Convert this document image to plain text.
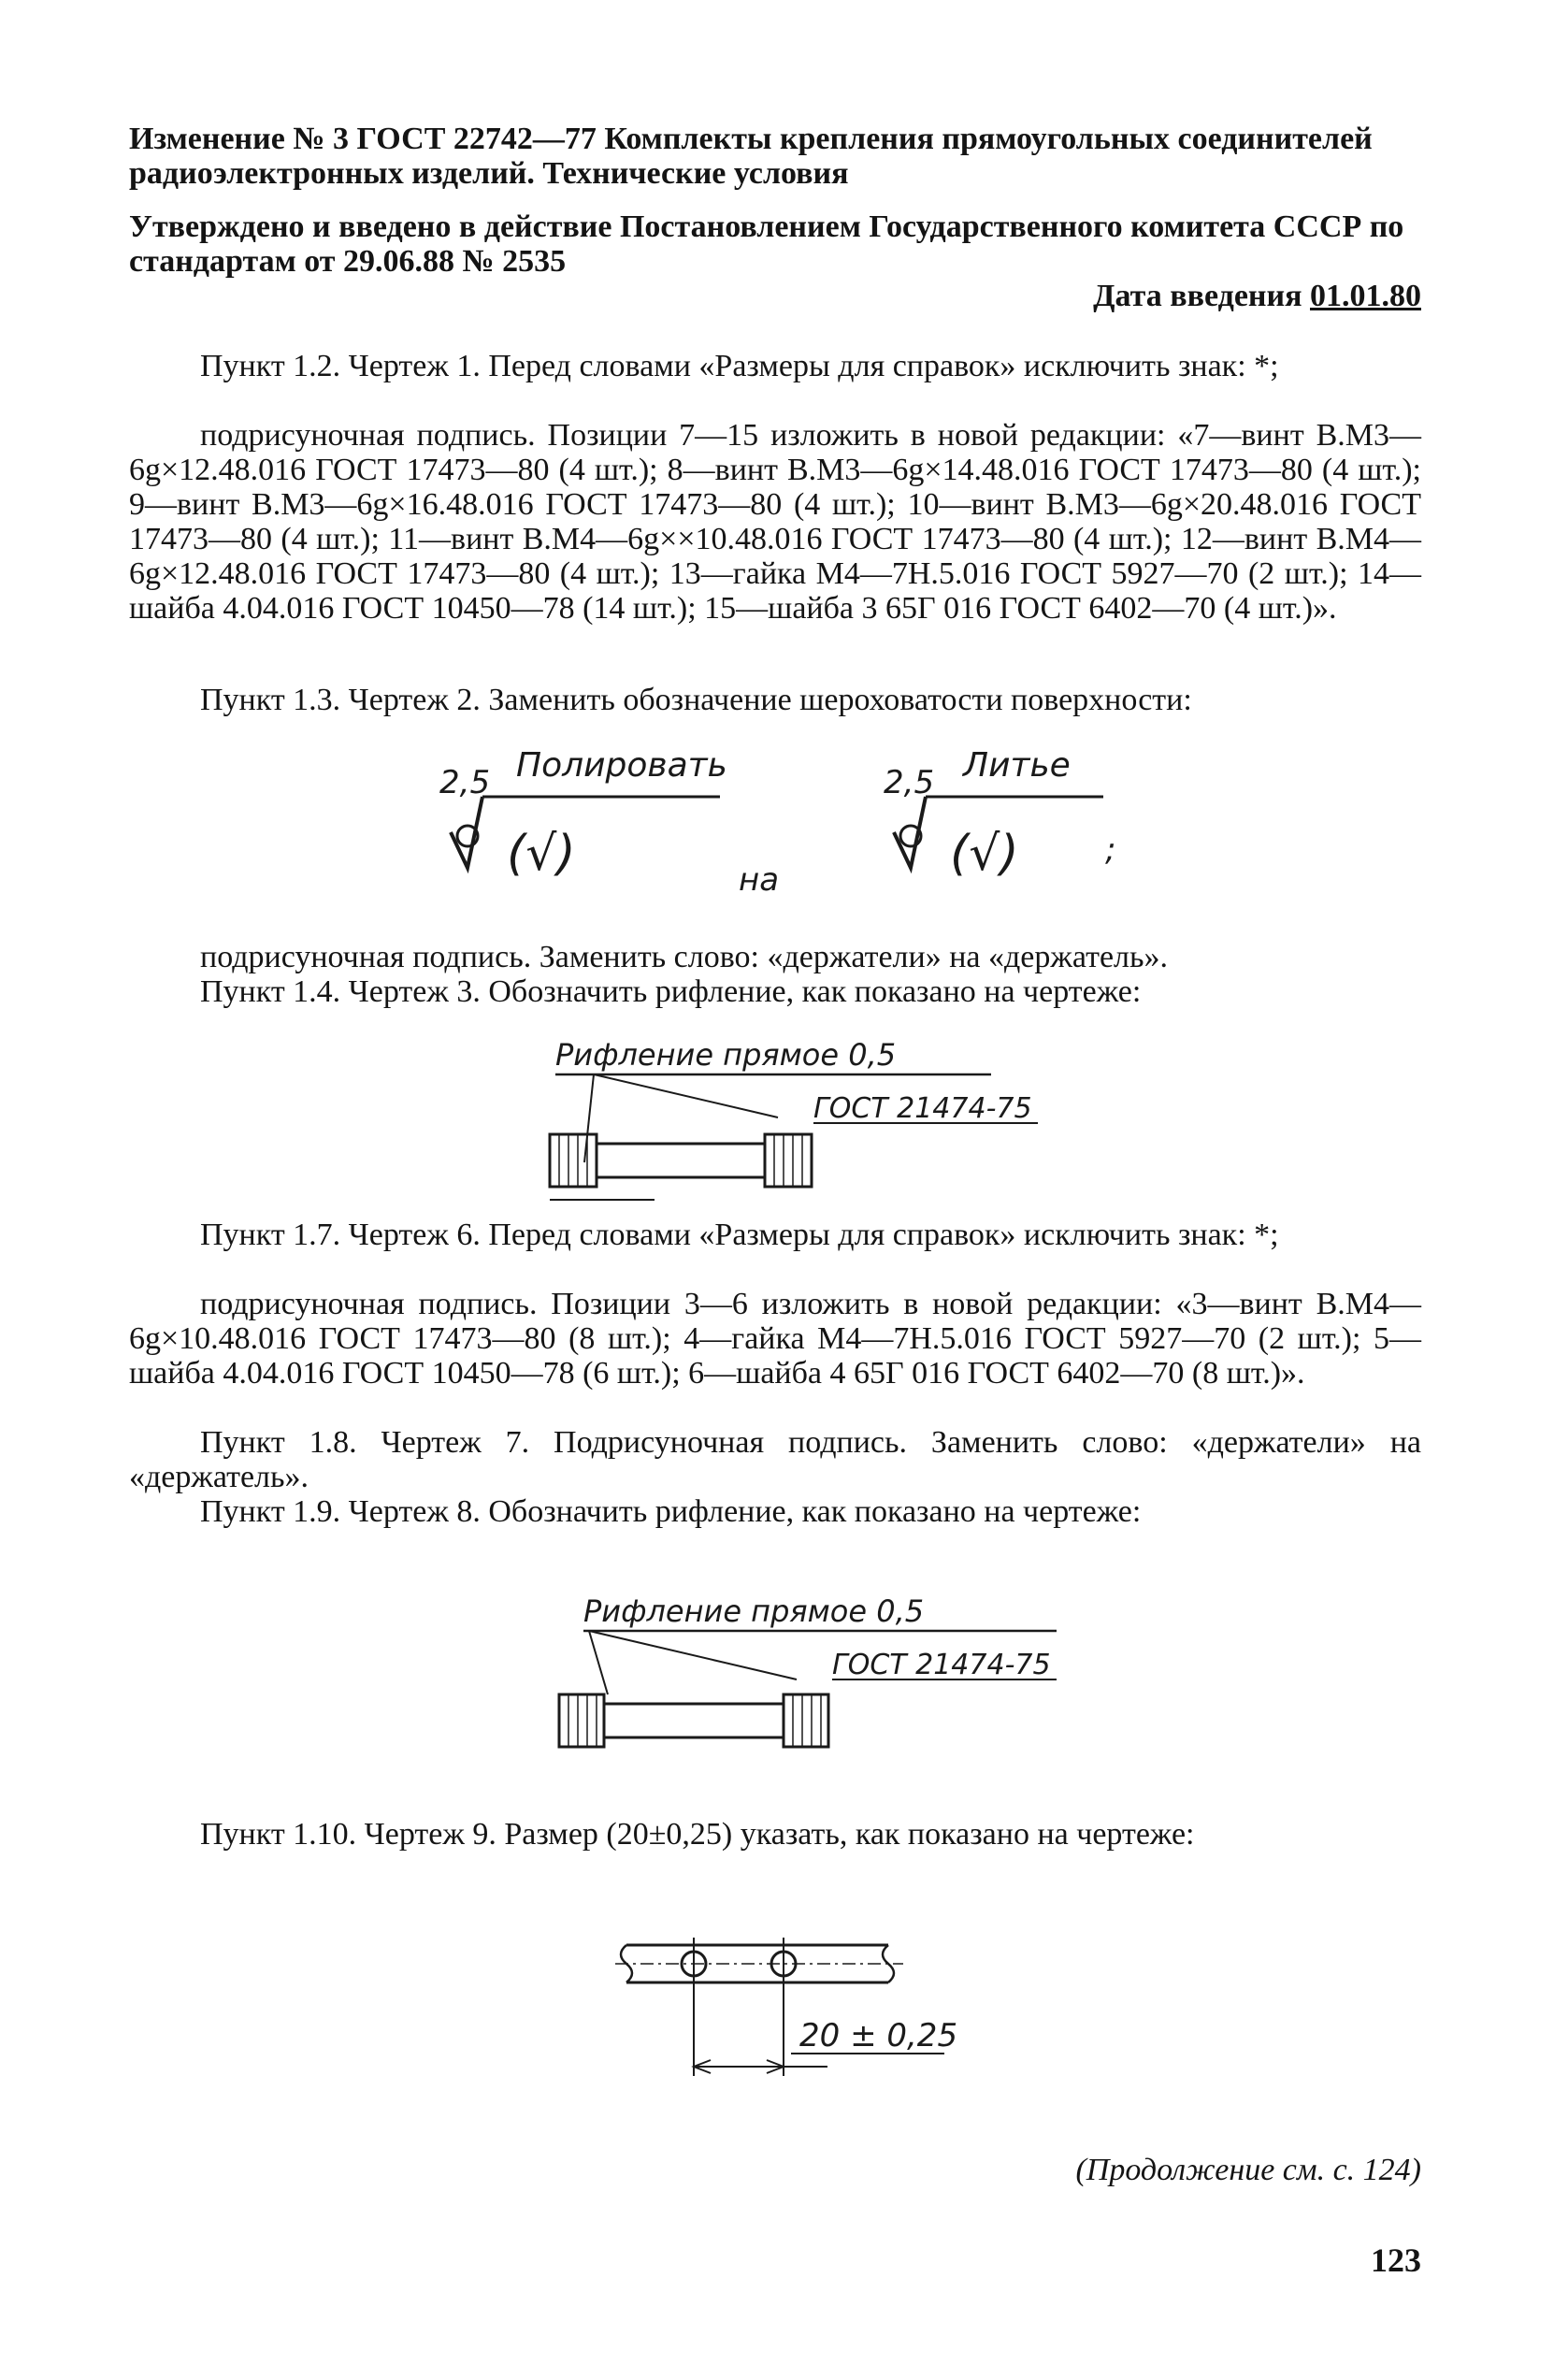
Изменение № 3 ГОСТ 22742—77 Комплекты крепления прямоугольных соединителей радиоэлектронных изделий. Технические условия
Утверждено и введено в действие Постановлением Государственного комитета СССР по стандартам от 29.06.88 № 2535
Дата введения 01.01.80
Пункт 1.2. Чертеж 1. Перед словами «Размеры для справок» исключить знак: *;
подрисуночная подпись. Позиции 7—15 изложить в новой редакции: «7—винт В.М3—6g×12.48.016 ГОСТ 17473—80 (4 шт.); 8—винт В.М3—6g×14.48.016 ГОСТ 17473—80 (4 шт.); 9—винт В.М3—6g×16.48.016 ГОСТ 17473—80 (4 шт.); 10—винт В.М3—6g×20.48.016 ГОСТ 17473—80 (4 шт.); 11—винт В.М4—6g××10.48.016 ГОСТ 17473—80 (4 шт.); 12—винт В.М4—6g×12.48.016 ГОСТ 17473—80 (4 шт.); 13—гайка М4—7Н.5.016 ГОСТ 5927—70 (2 шт.); 14—шайба 4.04.016 ГОСТ 10450—78 (14 шт.); 15—шайба 3 65Г 016 ГОСТ 6402—70 (4 шт.)».
Пункт 1.3. Чертеж 2. Заменить обозначение шероховатости поверхности:
2,5 Полировать
(√)	на
2,5 Литье
(√)	;
подрисуночная подпись. Заменить слово: «держатели» на «держатель».
Пункт 1.4. Чертеж 3. Обозначить рифление, как показано на чертеже:
Рифление прямое 0,5
ГОСТ 21474-75
Пункт 1.7. Чертеж 6. Перед словами «Размеры для справок» исключить знак: *;
подрисуночная подпись. Позиции 3—6 изложить в новой редакции: «3—винт В.М4—6g×10.48.016 ГОСТ 17473—80 (8 шт.); 4—гайка М4—7Н.5.016 ГОСТ 5927—70 (2 шт.); 5—шайба 4.04.016 ГОСТ 10450—78 (6 шт.); 6—шайба 4 65Г 016 ГОСТ 6402—70 (8 шт.)».
Пункт 1.8. Чертеж 7. Подрисуночная подпись. Заменить слово: «держатели» на «держатель».
Пункт 1.9. Чертеж 8. Обозначить рифление, как показано на чертеже:
Рифление прямое 0,5
ГОСТ 21474-75
Пункт 1.10. Чертеж 9. Размер (20±0,25) указать, как показано на чертеже:
20 ± 0,25
(Продолжение см. с. 124)
123
